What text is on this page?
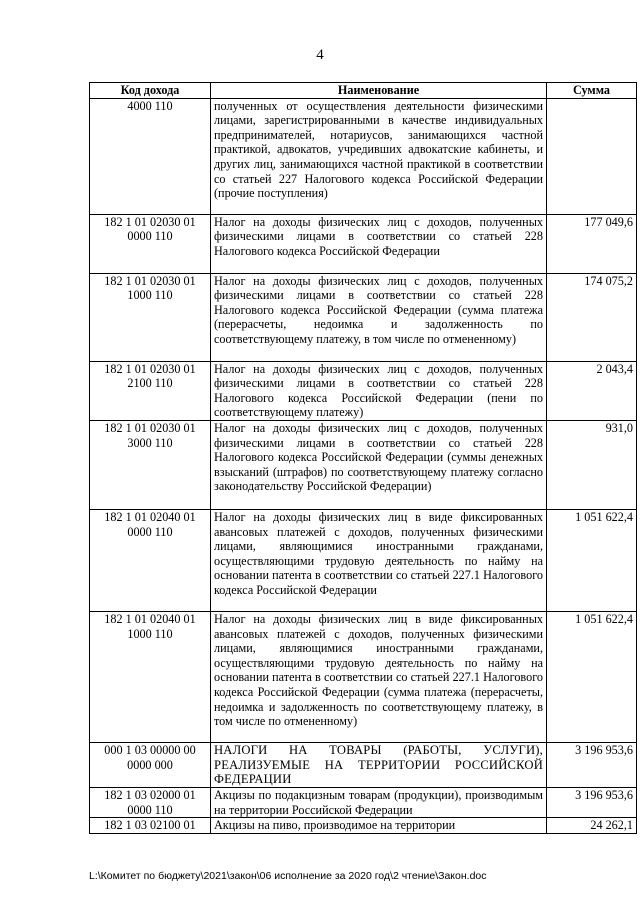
4
Код дохода	Наименование	Сумма
4000 110	полученных от осуществления деятельности физическими лицами, зарегистрированными в качестве индивидуальных предпринимателей, нотариусов, занимающихся частной практикой, адвокатов, учредивших адвокатские кабинеты, и других лиц, занимающихся частной практикой в соответствии со статьей 227 Налогового кодекса Российской Федерации (прочие поступления)	
182 1 01 02030 01 0000 110	Налог на доходы физических лиц с доходов, полученных физическими лицами в соответствии со статьей 228 Налогового кодекса Российской Федерации	177 049,6
182 1 01 02030 01 1000 110	Налог на доходы физических лиц с доходов, полученных физическими лицами в соответствии со статьей 228 Налогового кодекса Российской Федерации (сумма платежа (перерасчеты, недоимка и задолженность по соответствующему платежу, в том числе по отмененному)	174 075,2
182 1 01 02030 01 2100 110	Налог на доходы физических лиц с доходов, полученных физическими лицами в соответствии со статьей 228 Налогового кодекса Российской Федерации (пени по соответствующему платежу)	2 043,4
182 1 01 02030 01 3000 110	Налог на доходы физических лиц с доходов, полученных физическими лицами в соответствии со статьей 228 Налогового кодекса Российской Федерации (суммы денежных взысканий (штрафов) по соответствующему платежу согласно законодательству Российской Федерации)	931,0
182 1 01 02040 01 0000 110	Налог на доходы физических лиц в виде фиксированных авансовых платежей с доходов, полученных физическими лицами, являющимися иностранными гражданами, осуществляющими трудовую деятельность по найму на основании патента в соответствии со статьей 227.1 Налогового кодекса Российской Федерации	1 051 622,4
182 1 01 02040 01 1000 110	Налог на доходы физических лиц в виде фиксированных авансовых платежей с доходов, полученных физическими лицами, являющимися иностранными гражданами, осуществляющими трудовую деятельность по найму на основании патента в соответствии со статьей 227.1 Налогового кодекса Российской Федерации (сумма платежа (перерасчеты, недоимка и задолженность по соответствующему платежу, в том числе по отмененному)	1 051 622,4
000 1 03 00000 00 0000 000	НАЛОГИ НА ТОВАРЫ (РАБОТЫ, УСЛУГИ), РЕАЛИЗУЕМЫЕ НА ТЕРРИТОРИИ РОССИЙСКОЙ ФЕДЕРАЦИИ	3 196 953,6
182 1 03 02000 01 0000 110	Акцизы по подакцизным товарам (продукции), производимым на территории Российской Федерации	3 196 953,6
182 1 03 02100 01	Акцизы на пиво, производимое на территории	24 262,1
L:\Комитет по бюджету\2021\закон\06 исполнение за 2020 год\2 чтение\Закон.doc
